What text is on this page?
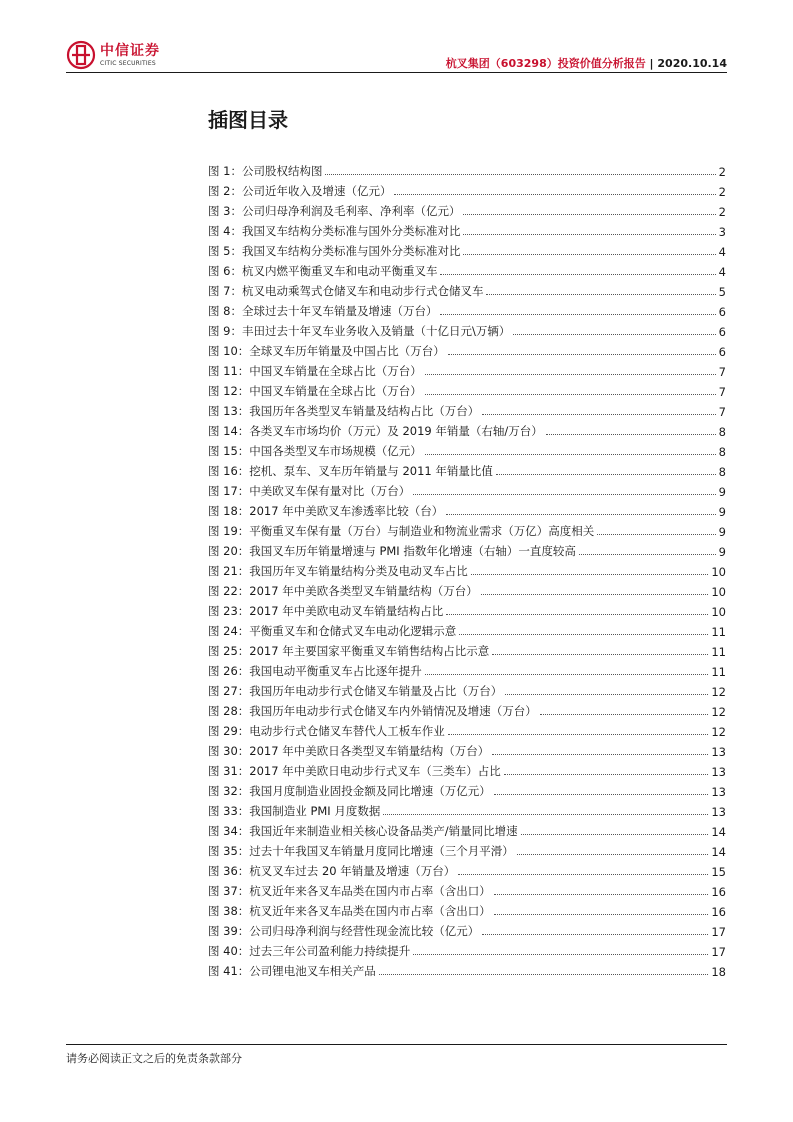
中信证券
CITIC SECURITIES	杭叉集团（603298）投资价值分析报告 | 2020.10.14
插图目录
图 1：公司股权结构图	2
图 2：公司近年收入及增速（亿元）	2
图 3：公司归母净利润及毛利率、净利率（亿元）	2
图 4：我国叉车结构分类标准与国外分类标准对比	3
图 5：我国叉车结构分类标准与国外分类标准对比	4
图 6：杭叉内燃平衡重叉车和电动平衡重叉车	4
图 7：杭叉电动乘驾式仓储叉车和电动步行式仓储叉车	5
图 8：全球过去十年叉车销量及增速（万台）	6
图 9：丰田过去十年叉车业务收入及销量（十亿日元\万辆）	6
图 10：全球叉车历年销量及中国占比（万台）	6
图 11：中国叉车销量在全球占比（万台）	7
图 12：中国叉车销量在全球占比（万台）	7
图 13：我国历年各类型叉车销量及结构占比（万台）	7
图 14：各类叉车市场均价（万元）及 2019 年销量（右轴/万台）	8
图 15：中国各类型叉车市场规模（亿元）	8
图 16：挖机、泵车、叉车历年销量与 2011 年销量比值	8
图 17：中美欧叉车保有量对比（万台）	9
图 18：2017 年中美欧叉车渗透率比较（台）	9
图 19：平衡重叉车保有量（万台）与制造业和物流业需求（万亿）高度相关	9
图 20：我国叉车历年销量增速与 PMI 指数年化增速（右轴）一直度较高	9
图 21：我国历年叉车销量结构分类及电动叉车占比	10
图 22：2017 年中美欧各类型叉车销量结构（万台）	10
图 23：2017 年中美欧电动叉车销量结构占比	10
图 24：平衡重叉车和仓储式叉车电动化逻辑示意	11
图 25：2017 年主要国家平衡重叉车销售结构占比示意	11
图 26：我国电动平衡重叉车占比逐年提升	11
图 27：我国历年电动步行式仓储叉车销量及占比（万台）	12
图 28：我国历年电动步行式仓储叉车内外销情况及增速（万台）	12
图 29：电动步行式仓储叉车替代人工板车作业	12
图 30：2017 年中美欧日各类型叉车销量结构（万台）	13
图 31：2017 年中美欧日电动步行式叉车（三类车）占比	13
图 32：我国月度制造业固投金额及同比增速（万亿元）	13
图 33：我国制造业 PMI 月度数据	13
图 34：我国近年来制造业相关核心设备品类产/销量同比增速	14
图 35：过去十年我国叉车销量月度同比增速（三个月平滑）	14
图 36：杭叉叉车过去 20 年销量及增速（万台）	15
图 37：杭叉近年来各叉车品类在国内市占率（含出口）	16
图 38：杭叉近年来各叉车品类在国内市占率（含出口）	16
图 39：公司归母净利润与经营性现金流比较（亿元）	17
图 40：过去三年公司盈利能力持续提升	17
图 41：公司锂电池叉车相关产品	18
请务必阅读正文之后的免责条款部分
